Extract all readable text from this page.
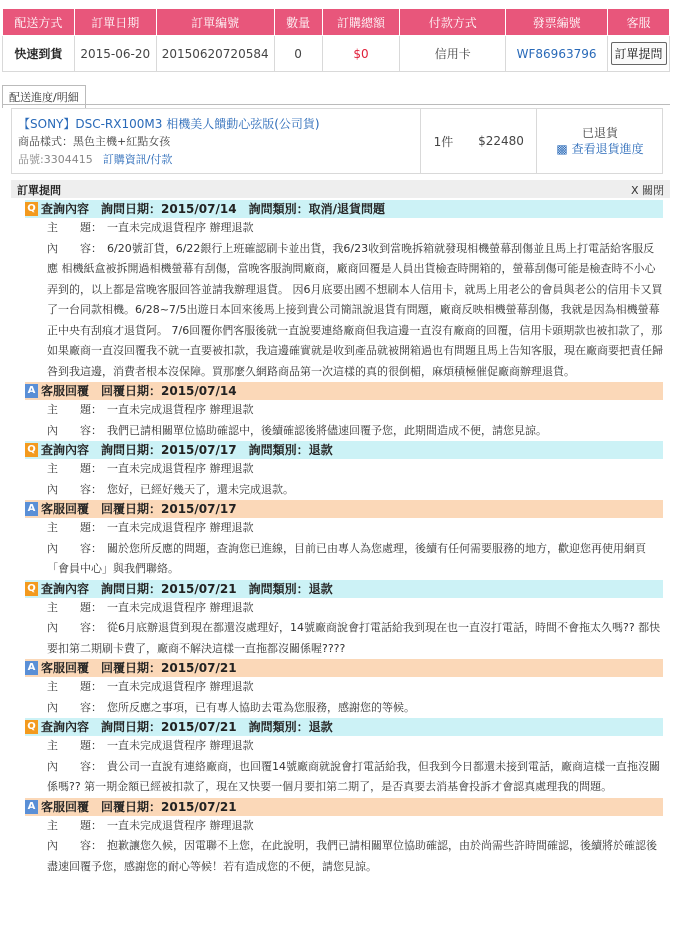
配送方式	訂單日期	訂單編號	數量	訂購總額	付款方式	發票編號	客服
快速到貨	2015-06-20	20150620720584	0	$0	信用卡	WF86963796	訂單提問
配送進度/明細
【SONY】DSC-RX100M3 相機美人饋動心弦版(公司貨)
商品樣式：黑色主機+紅點女孩
品號:3304415 訂購資訊/付款
1件	$22480
已退貨
▩ 查看退貨進度
訂單提問	X 關閉
Q 查詢內容　詢問日期：2015/07/14　詢問類別：取消/退貨問題
主　　題： 一直未完成退貨程序 辦理退款
內　　容： 6/20號訂貨，6/22銀行上班確認刷卡並出貨，我6/23收到當晚拆箱就發現相機螢幕刮傷並且馬上打電話給客服反應 相機紙盒被拆開過相機螢幕有刮傷，當晚客服詢問廠商，廠商回覆是人員出貨檢查時開箱的，螢幕刮傷可能是檢查時不小心弄到的，以上都是當晚客服回答並請我辦理退貨。 因6月底要出國不想刷本人信用卡，就馬上用老公的會員與老公的信用卡又買了一台同款相機。6/28~7/5出遊日本回來後馬上接到貴公司簡訊說退貨有問題，廠商反映相機螢幕刮傷，我就是因為相機螢幕正中央有刮痕才退貨阿。 7/6回覆你們客服後就一直說要連絡廠商但我這邊一直沒有廠商的回覆，信用卡頭期款也被扣款了，那如果廠商一直沒回覆我不就一直要被扣款，我這邊確實就是收到產品就被開箱過也有問題且馬上告知客服，現在廠商要把責任歸咎到我這邊，消費者根本沒保障。買那麼久網路商品第一次這樣的真的很倒楣，麻煩積極催促廠商辦理退貨。
A 客服回覆　回覆日期：2015/07/14
主　　題： 一直未完成退貨程序 辦理退款
內　　容： 我們已請相關單位協助確認中，後續確認後將儘速回覆予您，此期間造成不便，請您見諒。
Q 查詢內容　詢問日期：2015/07/17　詢問類別：退款
主　　題： 一直未完成退貨程序 辦理退款
內　　容： 您好，已經好幾天了，還未完成退款。
A 客服回覆　回覆日期：2015/07/17
主　　題： 一直未完成退貨程序 辦理退款
內　　容： 關於您所反應的問題，查詢您已進線，目前已由專人為您處理，後續有任何需要服務的地方，歡迎您再使用網頁「會員中心」與我們聯絡。
Q 查詢內容　詢問日期：2015/07/21　詢問類別：退款
主　　題： 一直未完成退貨程序 辦理退款
內　　容： 從6月底辦退貨到現在都還沒處理好，14號廠商說會打電話給我到現在也一直沒打電話，時間不會拖太久嗎?? 都快要扣第二期刷卡費了，廠商不解決這樣一直拖都沒關係喔????
A 客服回覆　回覆日期：2015/07/21
主　　題： 一直未完成退貨程序 辦理退款
內　　容： 您所反應之事項，已有專人協助去電為您服務，感謝您的等候。
Q 查詢內容　詢問日期：2015/07/21　詢問類別：退款
主　　題： 一直未完成退貨程序 辦理退款
內　　容： 貴公司一直說有連絡廠商，也回覆14號廠商就說會打電話給我，但我到今日都還未接到電話，廠商這樣一直拖沒關係嗎?? 第一期金額已經被扣款了，現在又快要一個月要扣第二期了，是否真要去消基會投訴才會認真處理我的問題。
A 客服回覆　回覆日期：2015/07/21
主　　題： 一直未完成退貨程序 辦理退款
內　　容： 抱歉讓您久候，因電聯不上您，在此說明，我們已請相關單位協助確認，由於尚需些許時間確認，後續將於確認後盡速回覆予您，感謝您的耐心等候！若有造成您的不便，請您見諒。
